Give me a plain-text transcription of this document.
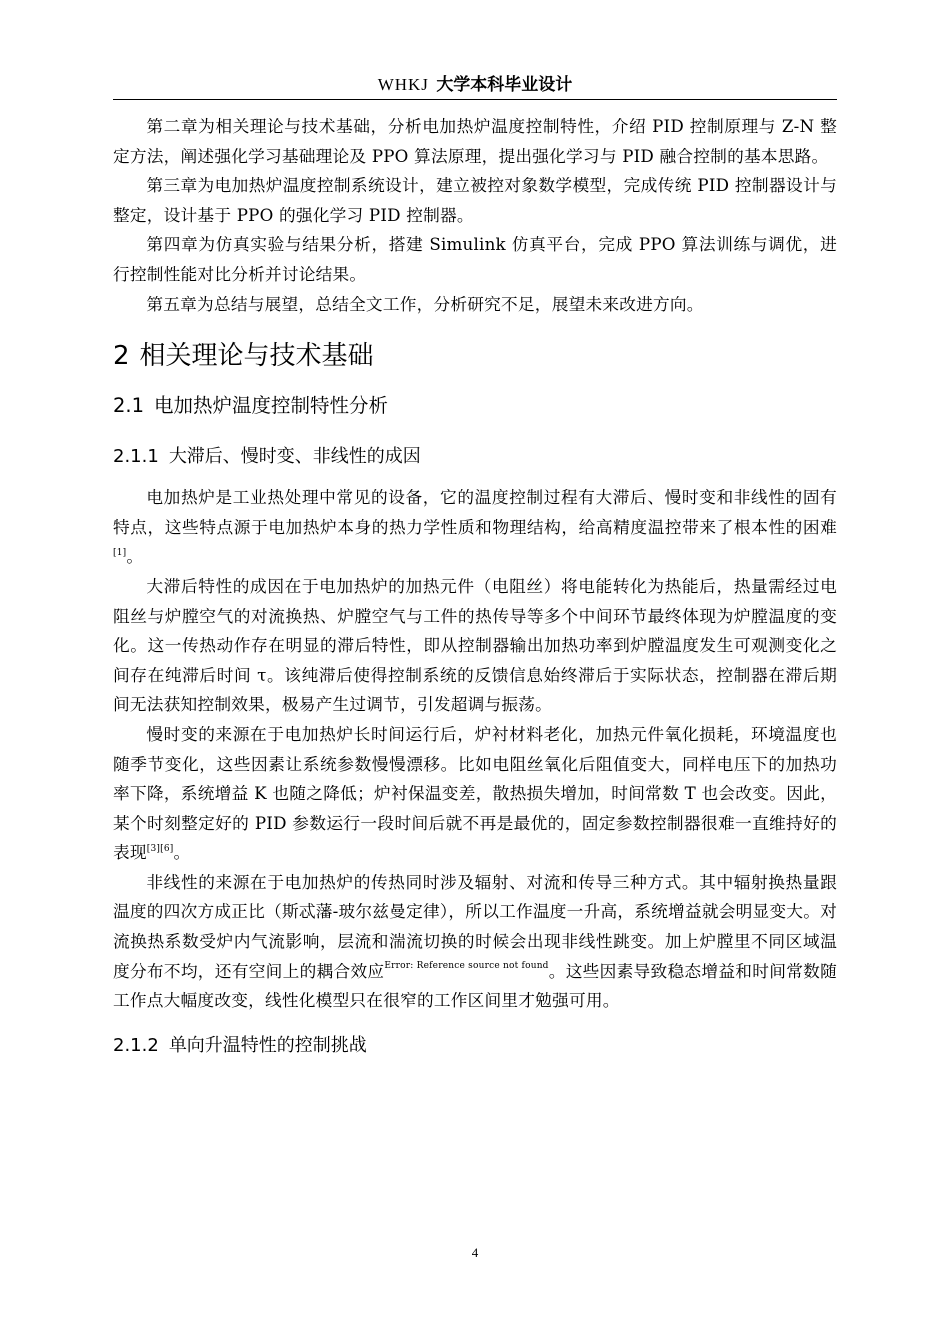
WHKJ 大学本科毕业设计

第二章为相关理论与技术基础，分析电加热炉温度控制特性，介绍 PID 控制原理与 Z-N 整定方法，阐述强化学习基础理论及 PPO 算法原理，提出强化学习与 PID 融合控制的基本思路。

第三章为电加热炉温度控制系统设计，建立被控对象数学模型，完成传统 PID 控制器设计与整定，设计基于 PPO 的强化学习 PID 控制器。

第四章为仿真实验与结果分析，搭建 Simulink 仿真平台，完成 PPO 算法训练与调优，进行控制性能对比分析并讨论结果。

第五章为总结与展望，总结全文工作，分析研究不足，展望未来改进方向。

2 相关理论与技术基础
2.1 电加热炉温度控制特性分析
2.1.1 大滞后、慢时变、非线性的成因

电加热炉是工业热处理中常见的设备，它的温度控制过程有大滞后、慢时变和非线性的固有特点，这些特点源于电加热炉本身的热力学性质和物理结构，给高精度温控带来了根本性的困难[1]。

大滞后特性的成因在于电加热炉的加热元件（电阻丝）将电能转化为热能后，热量需经过电阻丝与炉膛空气的对流换热、炉膛空气与工件的热传导等多个中间环节最终体现为炉膛温度的变化。这一传热动作存在明显的滞后特性，即从控制器输出加热功率到炉膛温度发生可观测变化之间存在纯滞后时间 τ。该纯滞后使得控制系统的反馈信息始终滞后于实际状态，控制器在滞后期间无法获知控制效果，极易产生过调节，引发超调与振荡。

慢时变的来源在于电加热炉长时间运行后，炉衬材料老化，加热元件氧化损耗，环境温度也随季节变化，这些因素让系统参数慢慢漂移。比如电阻丝氧化后阻值变大，同样电压下的加热功率下降，系统增益 K 也随之降低；炉衬保温变差，散热损失增加，时间常数 T 也会改变。因此，某个时刻整定好的 PID 参数运行一段时间后就不再是最优的，固定参数控制器很难一直维持好的表现[3][6]。

非线性的来源在于电加热炉的传热同时涉及辐射、对流和传导三种方式。其中辐射换热量跟温度的四次方成正比（斯忒藩-玻尔兹曼定律），所以工作温度一升高，系统增益就会明显变大。对流换热系数受炉内气流影响，层流和湍流切换的时候会出现非线性跳变。加上炉膛里不同区域温度分布不均，还有空间上的耦合效应$^{Error: Reference source not found}$。这些因素导致稳态增益和时间常数随工作点大幅度改变，线性化模型只在很窄的工作区间里才勉强可用。

2.1.2 单向升温特性的控制挑战
4
